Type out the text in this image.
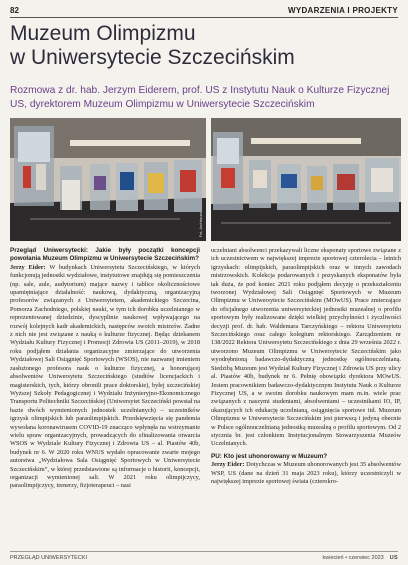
82	WYDARZENIA I PROJEKTY
Muzeum Olimpizmu
w Uniwersytecie Szczecińskim

Rozmowa z dr. hab. Jerzym Eiderem, prof. US z Instytutu Nauk o Kulturze Fizycznej US, dyrektorem Muzeum Olimpizmu w Uniwersytecie Szczecińskim

Fot. Archiwum

Przegląd Uniwersytecki: Jakie były początki koncepcji powołania Muzeum Olimpizmu w Uniwersytecie Szczecińskim?

Jerzy Eider: W budynkach Uniwersytetu Szczecińskiego, w których funkcjonują jednostki wydziałowe, instytutowe znajdują się pomieszczenia (np. sale, aule, audytorium) mające nazwy i tablice okolicznościowe upamiętniające działalność: naukową, dydaktyczną, organizacyjną profesorów związanych z Uniwersytetem, akademickiego Szczecina, Pomorza Zachodniego, polskiej nauki, w tym ich dorobku uczelnianego w reprezentowanej dziedzinie, dyscyplinie naukowej wpływającego na rozwój kolejnych kadr akademickich, następców swoich mistrzów. Żadne z nich nie jest związane z nauką o kulturze fizycznej. Będąc dziekanem Wydziału Kultury Fizycznej i Promocji Zdrowia US (2011–2019), w 2018 roku podjąłem działania organizacyjne zmierzające do utworzenia Wydziałowej Sali Osiągnięć Sportowych (WSOS), nie nazwanej imieniem zasłużonego profesora nauk o kulturze fizycznej, a honorującej absolwentów Uniwersytetu Szczecińskiego (studiów licencjackich i magisterskich, tych, którzy obronili prace doktorskie), byłej szczecińskiej Wyższej Szkoły Pedagogicznej i Wydziału Inżynieryjno-Ekonomicznego Transportu Politechniki Szczecińskiej (Uniwersytet Szczeciński powstał na bazie dwóch wymienionych jednostek uczelnianych) – uczestników igrzysk olimpijskich lub paraolimpijskich. Przedsięwzięcia się pandemia wywołana koronawirusem COVID-19 znacząco wpłynęła na wstrzymanie wielu spraw organizacyjnych, prowadzących do sfinalizowania otwarcia WSOS w Wydziale Kultury Fizycznej i Zdrowia US – al. Piastów 40b, budynek nr 6. W 2020 roku WNUS wydało opracowanie zwarte mojego autorstwa „Wydziałowa Sala Osiągnięć Sportowych w Uniwersytecie Szczecińskim”, w której przedstawione są informacje o historii, koncepcji, organizacji wymienionej sali. W 2021 roku olimpijczycy, paraolimpijczycy, trenerzy, fizjoterapeuci – nasi

uczelniani absolwenci przekazywali liczne eksponaty sportowe związane z ich uczestnictwem w największej imprezie sportowej czterolecia – letnich igrzyskach: olimpijskich, paraolimpijskich oraz w innych zawodach mistrzowskich. Kolekcja podarowanych i pozyskanych eksponatów była tak duża, że pod koniec 2021 roku podjąłem decyzję o przekształceniu tworzonej Wydziałowej Sali Osiągnięć Sportowych w Muzeum Olimpizmu w Uniwersytecie Szczecińskim (MOwUS). Prace zmierzające do oficjalnego utworzenia uniwersyteckiej jednostki muzealnej o profilu sportowym były realizowane dzięki wielkiej przychylności i życzliwości decyzji prof. dr. hab. Waldemara Tarczyńskiego – rektora Uniwersytetu Szczecińskiego oraz całego kolegium rektorskiego. Zarządzeniem nr 138/2022 Rektora Uniwersytetu Szczecińskiego z dnia 29 września 2022 r. utworzono Muzeum Olimpizmu w Uniwersytecie Szczecińskim jako wyodrębnioną badawczo-dydaktyczną jednostkę ogólnouczelnianą. Siedzibą Muzeum jest Wydział Kultury Fizycznej i Zdrowia US przy ulicy al. Piastów 40b, budynek nr 6. Pełnię obowiązki dyrektora MOwUS. Jestem pracownikiem badawczo-dydaktycznym Instytutu Nauk o Kulturze Fizycznej US, a w swoim dorobku naukowym mam m.in. wiele prac związanych z naszymi studentami, absolwentami – uczestnikami IO, IP, ukazujących ich edukację uczelnianą, osiągnięcia sportowe itd. Muzeum Olimpizmu w Uniwersytecie Szczecińskim jest pierwszą i jedyną obecnie w Polsce ogólnouczelnianą jednostką muzealną o profilu sportowym. Od 2 stycznia br. jest członkiem Instytucjonalnym Stowarzyszenia Muzeów Uczelnianych.

PU: Kto jest uhonorowany w Muzeum?

Jerzy Eider: Dotychczas w Muzeum uhonorowanych jest 35 absolwentów WSP, US (dane na dzień 31 maja 2023 roku), którzy uczestniczyli w największej imprezie sportowej świata (czterokro-

PRZEGLĄD UNIWERSYTECKI	kwiecień • czerwiec 2023 US
